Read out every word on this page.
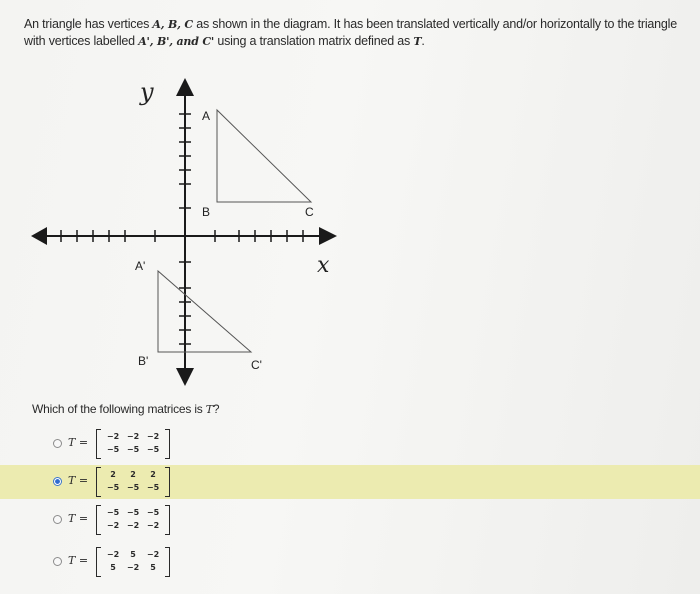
An triangle has vertices A, B, C as shown in the diagram. It has been translated vertically and/or horizontally to the triangle with vertices labelled A', B', and C' using a translation matrix defined as T.
A
B	C
A'
B'	C'
𝑦
𝑥
Which of the following matrices is T?
T =	−2 −2 −2
−5 −5 −5
T =	2	2	2
−5 −5 −5
T =	−5 −5 −5
−2 −2 −2
T =	−2	5	−2
5	−2	5
